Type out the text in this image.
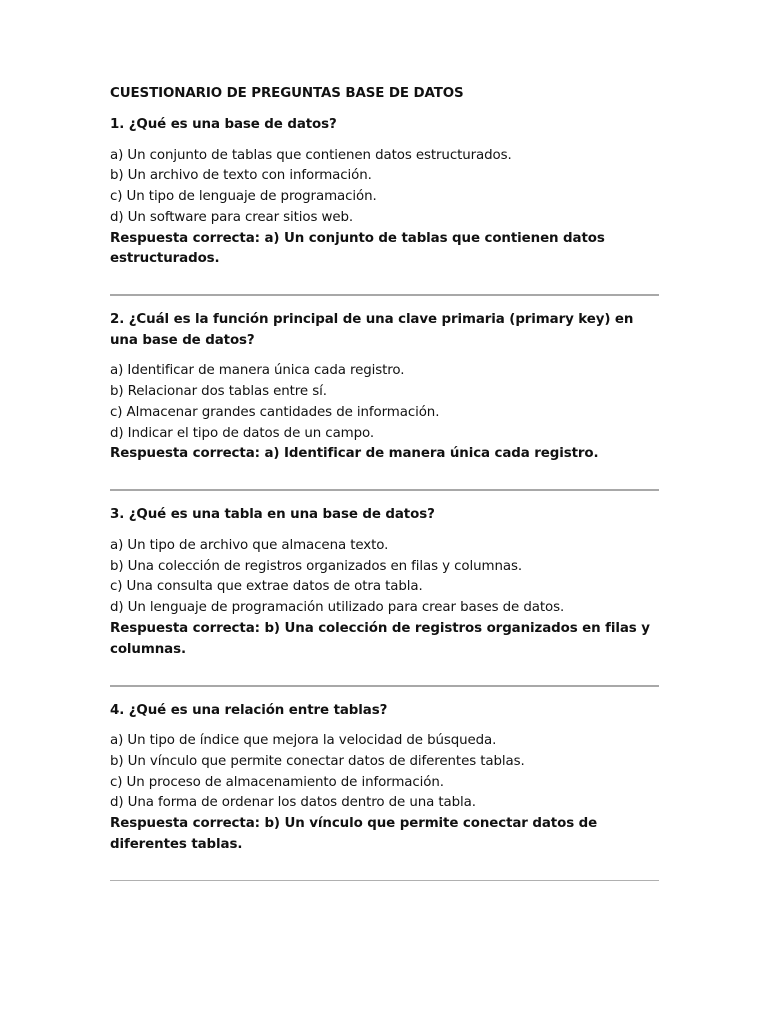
CUESTIONARIO DE PREGUNTAS BASE DE DATOS

1. ¿Qué es una base de datos?

a) Un conjunto de tablas que contienen datos estructurados.
b) Un archivo de texto con información.
c) Un tipo de lenguaje de programación.
d) Un software para crear sitios web.

Respuesta correcta: a) Un conjunto de tablas que contienen datos estructurados.

2. ¿Cuál es la función principal de una clave primaria (primary key) en una base de datos?

a) Identificar de manera única cada registro.
b) Relacionar dos tablas entre sí.
c) Almacenar grandes cantidades de información.
d) Indicar el tipo de datos de un campo.

Respuesta correcta: a) Identificar de manera única cada registro.

3. ¿Qué es una tabla en una base de datos?

a) Un tipo de archivo que almacena texto.
b) Una colección de registros organizados en filas y columnas.
c) Una consulta que extrae datos de otra tabla.
d) Un lenguaje de programación utilizado para crear bases de datos.

Respuesta correcta: b) Una colección de registros organizados en filas y columnas.

4. ¿Qué es una relación entre tablas?

a) Un tipo de índice que mejora la velocidad de búsqueda.
b) Un vínculo que permite conectar datos de diferentes tablas.
c) Un proceso de almacenamiento de información.
d) Una forma de ordenar los datos dentro de una tabla.

Respuesta correcta: b) Un vínculo que permite conectar datos de diferentes tablas.
